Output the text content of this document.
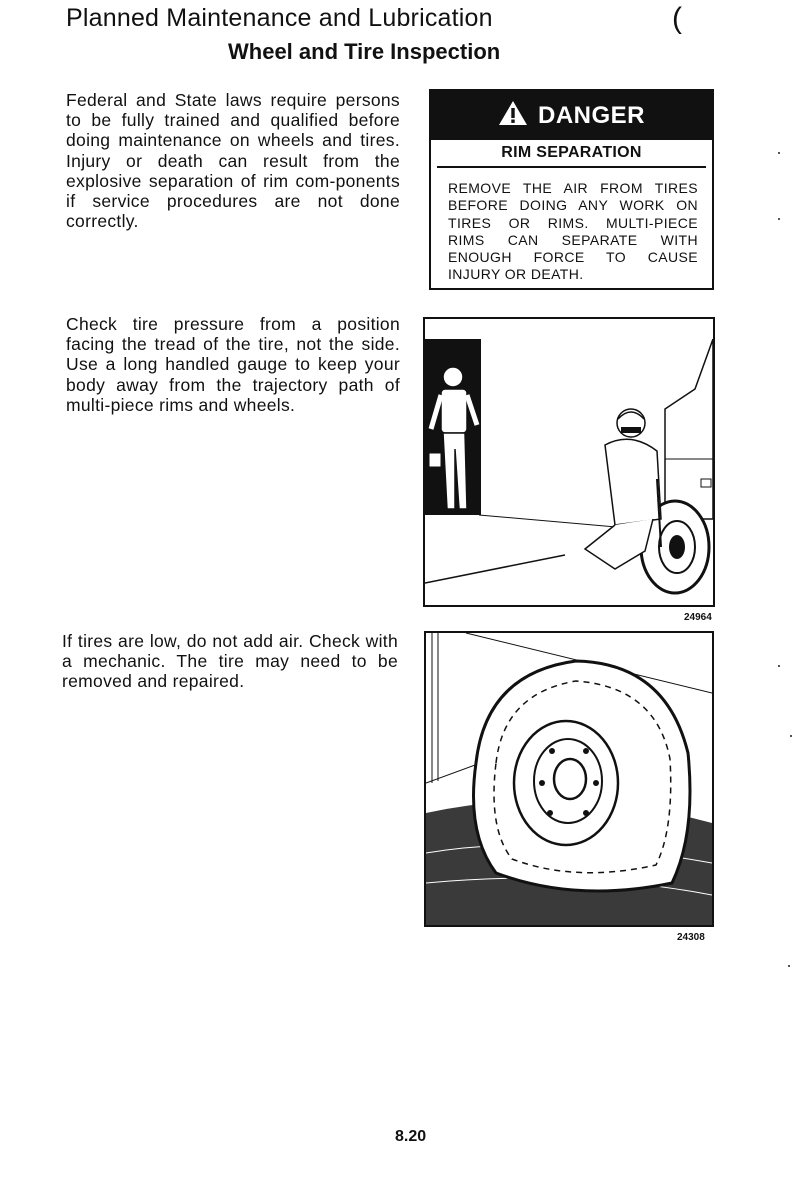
Planned Maintenance and Lubrication	(
Wheel and Tire Inspection
Federal and State laws require persons to be fully trained and qualified before doing maintenance on wheels and tires. Injury or death can result from the explosive separation of rim com-ponents if service procedures are not done correctly.
DANGER
RIM SEPARATION
REMOVE THE AIR FROM TIRES BEFORE DOING ANY WORK ON TIRES OR RIMS. MULTI-PIECE RIMS CAN SEPARATE WITH ENOUGH FORCE TO CAUSE INJURY OR DEATH.
Check tire pressure from a position facing the tread of the tire, not the side. Use a long handled gauge to keep your body away from the trajectory path of multi-piece rims and wheels.
24964
If tires are low, do not add air. Check with a mechanic. The tire may need to be removed and repaired.
24308
8.20
